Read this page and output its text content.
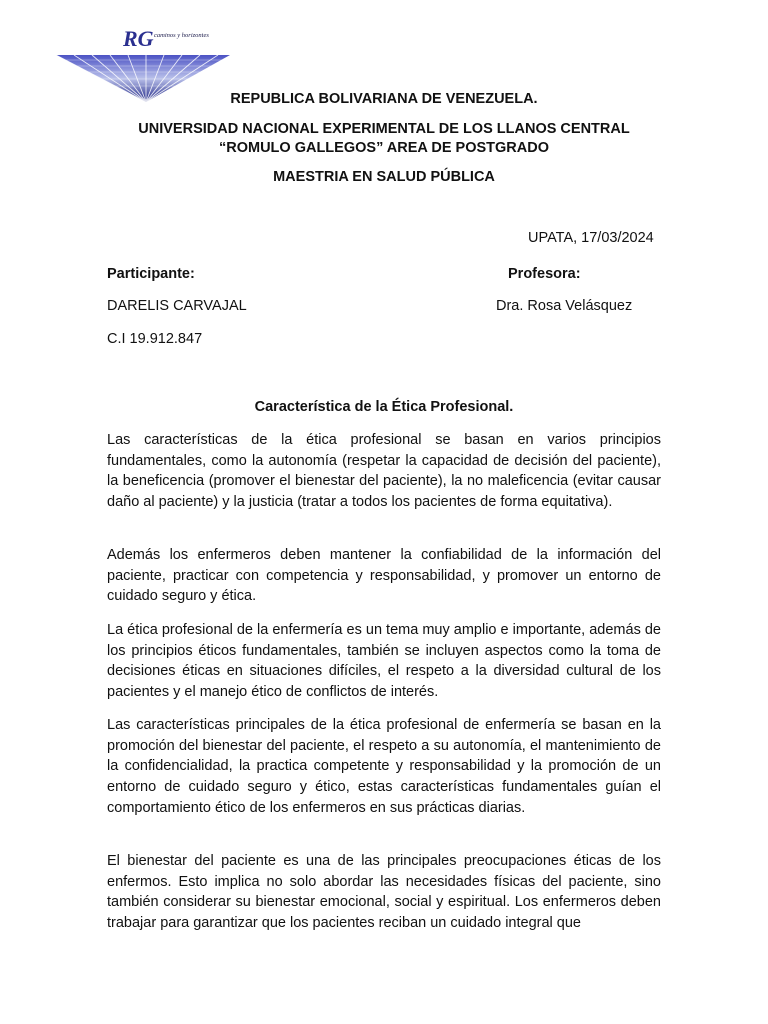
RG caminos y horizontes
REPUBLICA BOLIVARIANA DE VENEZUELA.
UNIVERSIDAD NACIONAL EXPERIMENTAL DE LOS LLANOS CENTRAL
“ROMULO GALLEGOS” AREA DE POSTGRADO
MAESTRIA EN SALUD PÚBLICA
UPATA, 17/03/2024
Participante:	Profesora:
DARELIS CARVAJAL	Dra. Rosa Velásquez
C.I 19.912.847
Característica de la Ética Profesional.
Las características de la ética profesional se basan en varios principios fundamentales, como la autonomía (respetar la capacidad de decisión del paciente), la beneficencia (promover el bienestar del paciente), la no maleficencia (evitar causar daño al paciente) y la justicia (tratar a todos los pacientes de forma equitativa).
Además los enfermeros deben mantener la confiabilidad de la información del paciente, practicar con competencia y responsabilidad, y promover un entorno de cuidado seguro y ética.
La ética profesional de la enfermería es un tema muy amplio e importante, además de los principios éticos fundamentales, también se incluyen aspectos como la toma de decisiones éticas en situaciones difíciles, el respeto a la diversidad cultural de los pacientes y el manejo ético de conflictos de interés.
Las características principales de la ética profesional de enfermería se basan en la promoción del bienestar del paciente, el respeto a su autonomía, el mantenimiento de la confidencialidad, la practica competente y responsabilidad y la promoción de un entorno de cuidado seguro y ético, estas características fundamentales guían el comportamiento ético de los enfermeros en sus prácticas diarias.
El bienestar del paciente es una de las principales preocupaciones éticas de los enfermos. Esto implica no solo abordar las necesidades físicas del paciente, sino también considerar su bienestar emocional, social y espiritual. Los enfermeros deben trabajar para garantizar que los pacientes reciban un cuidado integral que
